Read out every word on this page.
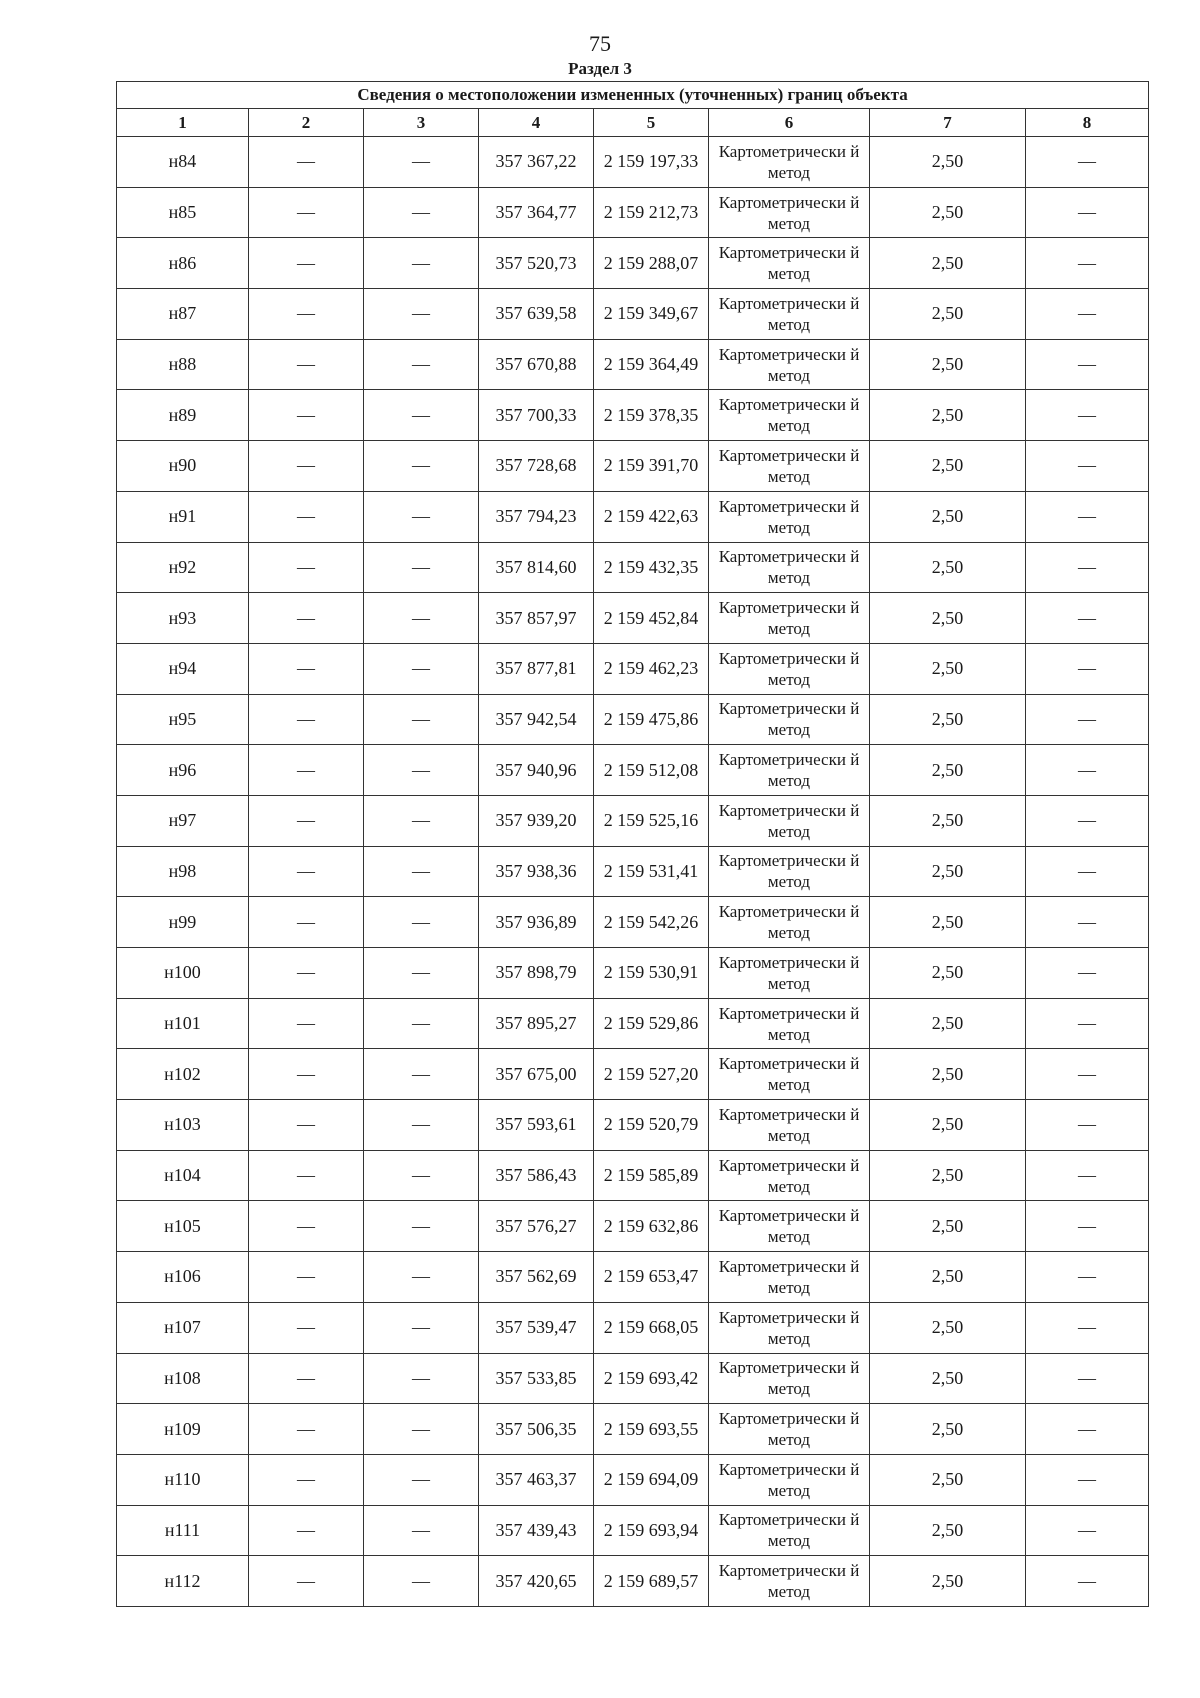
75
Раздел 3
Сведения о местоположении измененных (уточненных) границ объекта							
1	2	3	4	5	6	7	8
н84	—	—	357 367,22	2 159 197,33	Картометрически й метод	2,50	—
н85	—	—	357 364,77	2 159 212,73	Картометрически й метод	2,50	—
н86	—	—	357 520,73	2 159 288,07	Картометрически й метод	2,50	—
н87	—	—	357 639,58	2 159 349,67	Картометрически й метод	2,50	—
н88	—	—	357 670,88	2 159 364,49	Картометрически й метод	2,50	—
н89	—	—	357 700,33	2 159 378,35	Картометрически й метод	2,50	—
н90	—	—	357 728,68	2 159 391,70	Картометрически й метод	2,50	—
н91	—	—	357 794,23	2 159 422,63	Картометрически й метод	2,50	—
н92	—	—	357 814,60	2 159 432,35	Картометрически й метод	2,50	—
н93	—	—	357 857,97	2 159 452,84	Картометрически й метод	2,50	—
н94	—	—	357 877,81	2 159 462,23	Картометрически й метод	2,50	—
н95	—	—	357 942,54	2 159 475,86	Картометрически й метод	2,50	—
н96	—	—	357 940,96	2 159 512,08	Картометрически й метод	2,50	—
н97	—	—	357 939,20	2 159 525,16	Картометрически й метод	2,50	—
н98	—	—	357 938,36	2 159 531,41	Картометрически й метод	2,50	—
н99	—	—	357 936,89	2 159 542,26	Картометрически й метод	2,50	—
н100	—	—	357 898,79	2 159 530,91	Картометрически й метод	2,50	—
н101	—	—	357 895,27	2 159 529,86	Картометрически й метод	2,50	—
н102	—	—	357 675,00	2 159 527,20	Картометрически й метод	2,50	—
н103	—	—	357 593,61	2 159 520,79	Картометрически й метод	2,50	—
н104	—	—	357 586,43	2 159 585,89	Картометрически й метод	2,50	—
н105	—	—	357 576,27	2 159 632,86	Картометрически й метод	2,50	—
н106	—	—	357 562,69	2 159 653,47	Картометрически й метод	2,50	—
н107	—	—	357 539,47	2 159 668,05	Картометрически й метод	2,50	—
н108	—	—	357 533,85	2 159 693,42	Картометрически й метод	2,50	—
н109	—	—	357 506,35	2 159 693,55	Картометрически й метод	2,50	—
н110	—	—	357 463,37	2 159 694,09	Картометрически й метод	2,50	—
н111	—	—	357 439,43	2 159 693,94	Картометрически й метод	2,50	—
н112	—	—	357 420,65	2 159 689,57	Картометрически й метод	2,50	—
